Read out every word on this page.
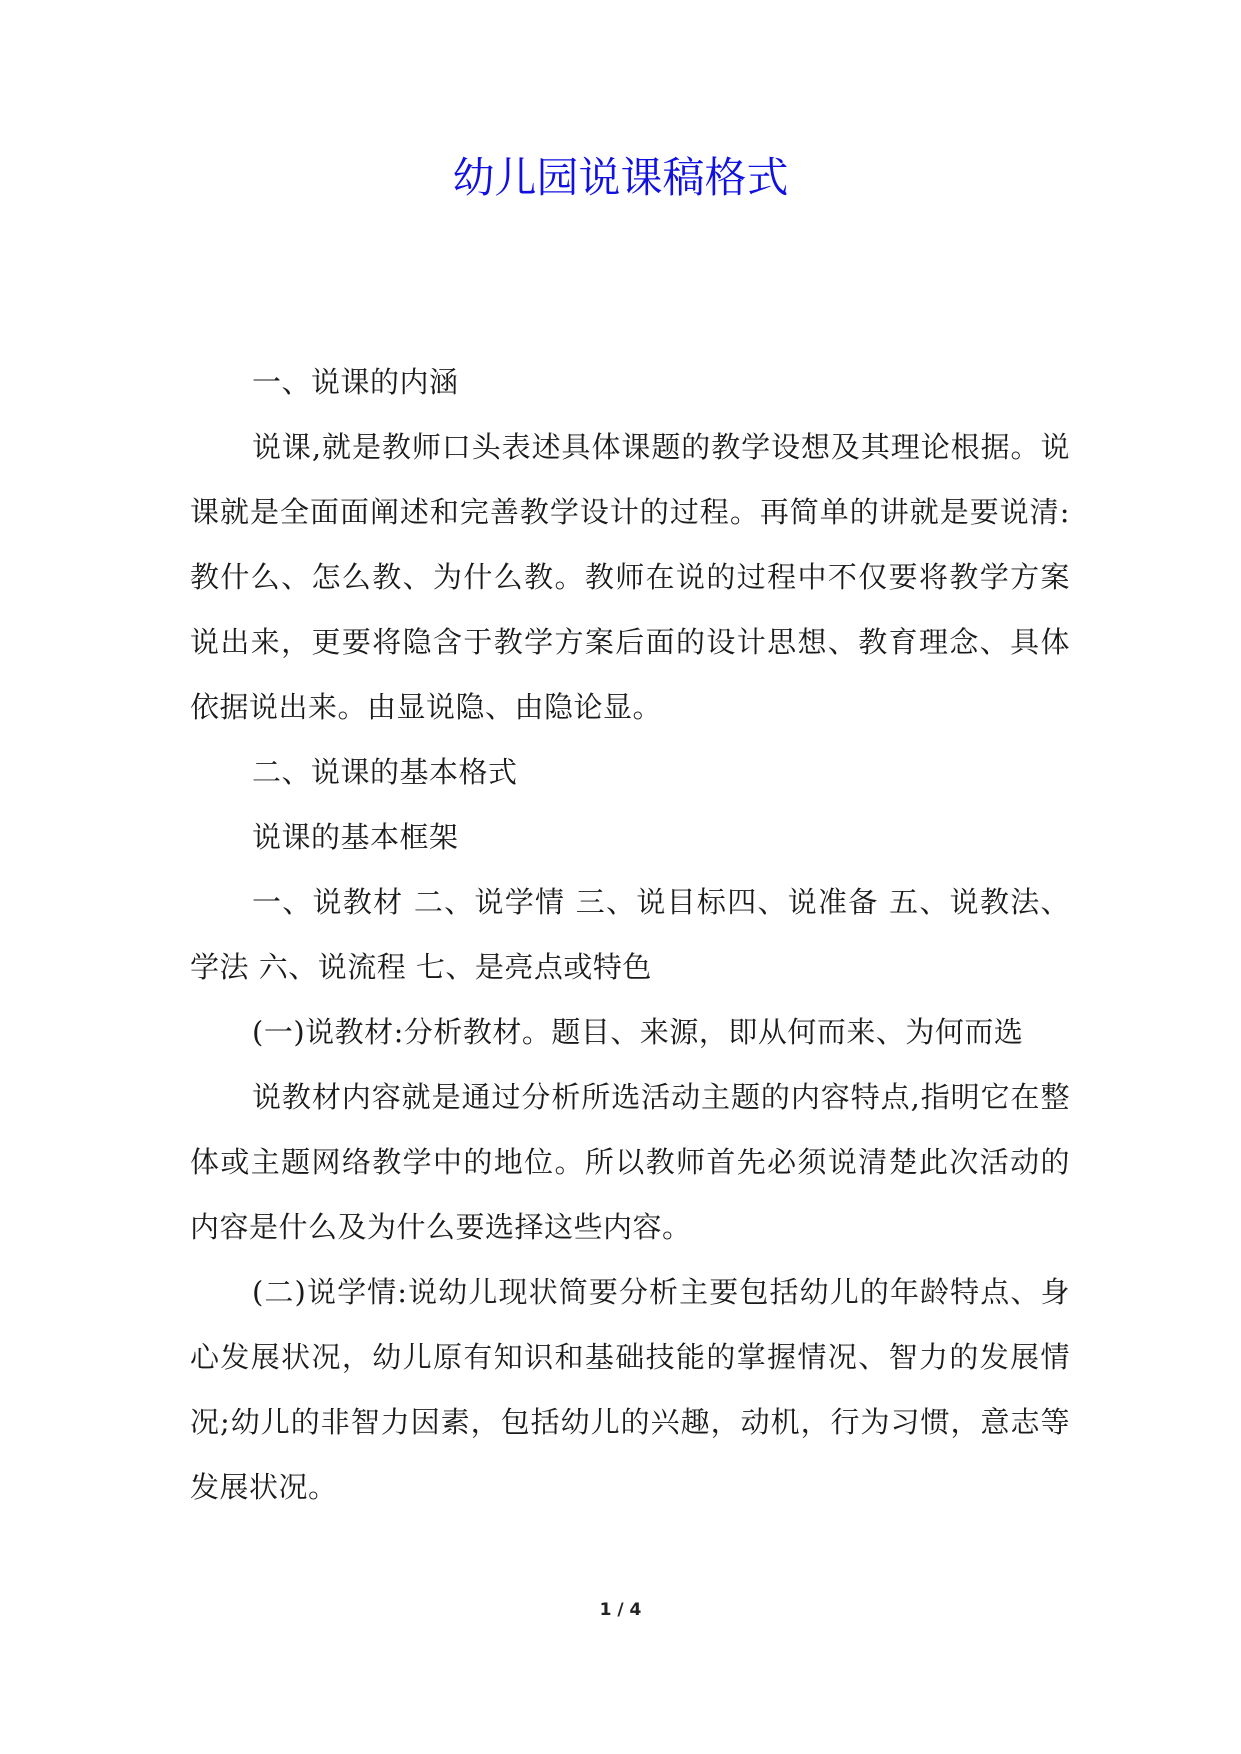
幼儿园说课稿格式

一、说课的内涵

说课,就是教师口头表述具体课题的教学设想及其理论根据。说课就是全面面阐述和完善教学设计的过程。再简单的讲就是要说清:教什么、怎么教、为什么教。教师在说的过程中不仅要将教学方案说出来，更要将隐含于教学方案后面的设计思想、教育理念、具体依据说出来。由显说隐、由隐论显。

二、说课的基本格式

说课的基本框架

一、说教材 二、说学情 三、说目标四、说准备 五、说教法、学法 六、说流程 七、是亮点或特色

(一)说教材:分析教材。题目、来源，即从何而来、为何而选

说教材内容就是通过分析所选活动主题的内容特点,指明它在整体或主题网络教学中的地位。所以教师首先必须说清楚此次活动的内容是什么及为什么要选择这些内容。

(二)说学情:说幼儿现状简要分析主要包括幼儿的年龄特点、身心发展状况，幼儿原有知识和基础技能的掌握情况、智力的发展情况;幼儿的非智力因素，包括幼儿的兴趣，动机，行为习惯，意志等发展状况。

1 / 4
